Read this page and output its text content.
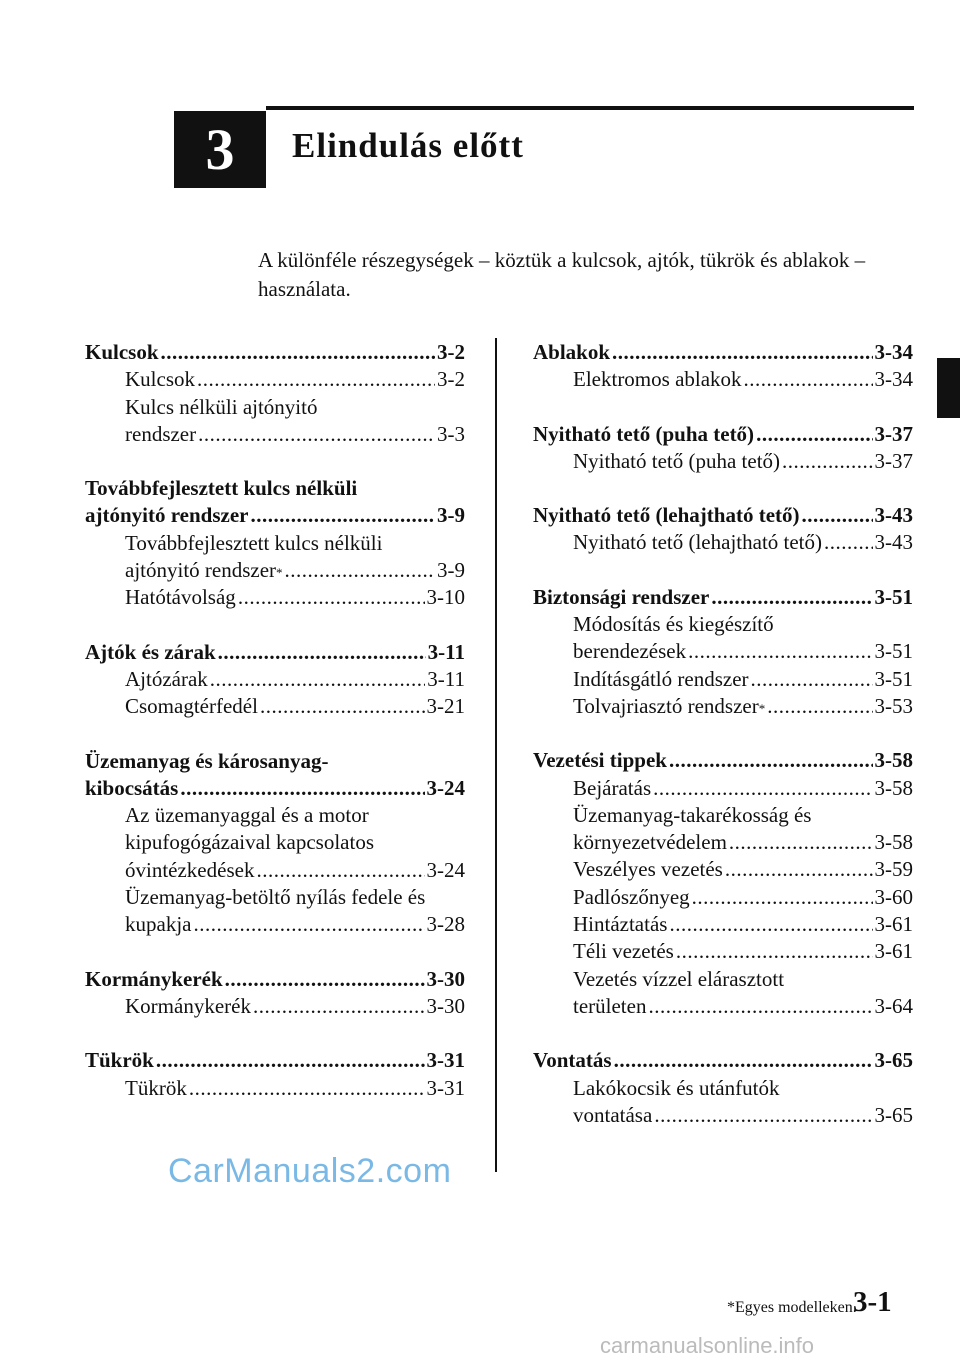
3	Elindulás előtt
A különféle részegységek – köztük a kulcsok, ajtók, tükrök és ablakok – használata.
Kulcsok .....	3-2
Kulcsok .....	3-2
Kulcs nélküli ajtónyitó
rendszer .....	3-3
Továbbfejlesztett kulcs nélküli
ajtónyitó rendszer .....	3-9
Továbbfejlesztett kulcs nélküli
ajtónyitó rendszer * .....	3-9
Hatótávolság .....	3-10
Ajtók és zárak .....	3-11
Ajtózárak .....	3-11
Csomagtérfedél .....	3-21
Üzemanyag és károsanyag-
kibocsátás .....	3-24
Az üzemanyaggal és a motor
kipufogógázaival kapcsolatos
óvintézkedések .....	3-24
Üzemanyag-betöltő nyílás fedele és
kupakja .....	3-28
Kormánykerék .....	3-30
Kormánykerék .....	3-30
Tükrök .....	3-31
Tükrök .....	3-31
Ablakok .....	3-34
Elektromos ablakok .....	3-34
Nyitható tető (puha tető) .....	3-37
Nyitható tető (puha tető) .....	3-37
Nyitható tető (lehajtható tető) .....	3-43
Nyitható tető (lehajtható tető) ..... 3-43
Biztonsági rendszer .....	3-51
Módosítás és kiegészítő
berendezések .....	3-51
Indításgátló rendszer .....	3-51
Tolvajriasztó rendszer * .....	3-53
Vezetési tippek .....	3-58
Bejáratás .....	3-58
Üzemanyag-takarékosság és
környezetvédelem .....	3-58
Veszélyes vezetés .....	3-59
Padlószőnyeg .....	3-60
Hintáztatás .....	3-61
Téli vezetés .....	3-61
Vezetés vízzel elárasztott
területen .....	3-64
Vontatás .....	3-65
Lakókocsik és utánfutók
vontatása .....	3-65
CarManuals2.com
*Egyes modelleken.
3-1
carmanualsonline.info
